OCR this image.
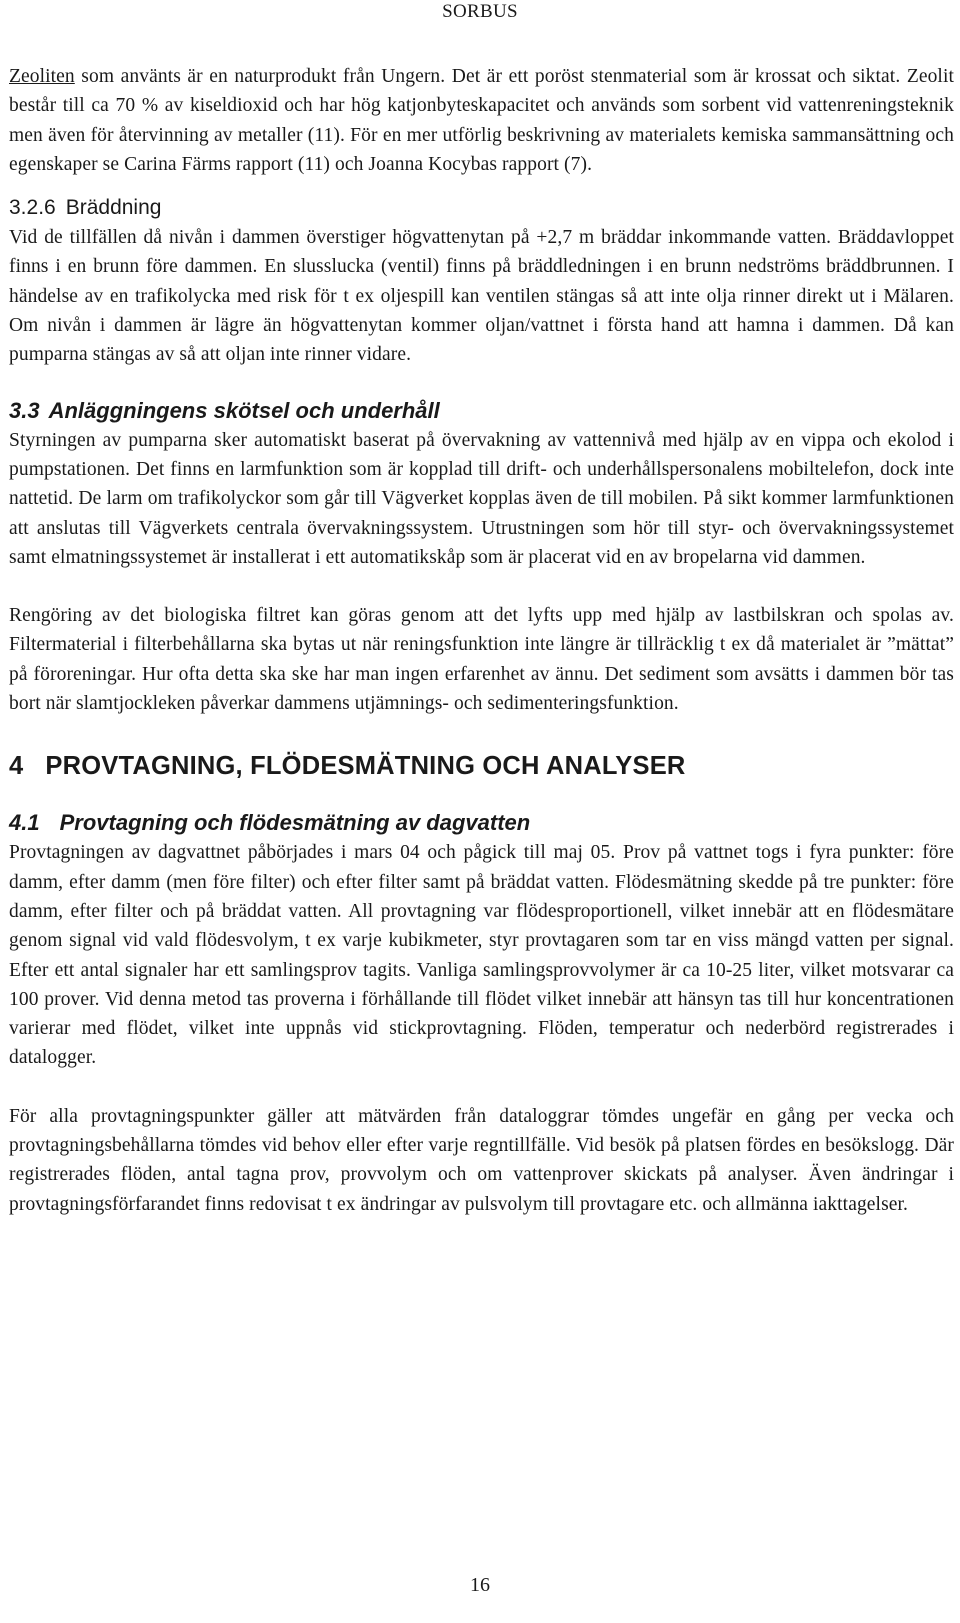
SORBUS

Zeoliten som använts är en naturprodukt från Ungern. Det är ett poröst stenmaterial som är krossat och siktat. Zeolit består till ca 70 % av kiseldioxid och har hög katjonbyteskapacitet och används som sorbent vid vattenreningsteknik men även för återvinning av metaller (11). För en mer utförlig beskrivning av materialets kemiska sammansättning och egenskaper se Carina Färms rapport (11) och Joanna Kocybas rapport (7).

3.2.6 Bräddning

Vid de tillfällen då nivån i dammen överstiger högvattenytan på +2,7 m bräddar inkommande vatten. Bräddavloppet finns i en brunn före dammen. En slusslucka (ventil) finns på bräddledningen i en brunn nedströms bräddbrunnen. I händelse av en trafikolycka med risk för t ex oljespill kan ventilen stängas så att inte olja rinner direkt ut i Mälaren. Om nivån i dammen är lägre än högvattenytan kommer oljan/vattnet i första hand att hamna i dammen. Då kan pumparna stängas av så att oljan inte rinner vidare.

3.3 Anläggningens skötsel och underhåll

Styrningen av pumparna sker automatiskt baserat på övervakning av vattennivå med hjälp av en vippa och ekolod i pumpstationen. Det finns en larmfunktion som är kopplad till drift- och underhållspersonalens mobiltelefon, dock inte nattetid. De larm om trafikolyckor som går till Vägverket kopplas även de till mobilen. På sikt kommer larmfunktionen att anslutas till Vägverkets centrala övervakningssystem. Utrustningen som hör till styr- och övervakningssystemet samt elmatningssystemet är installerat i ett automatikskåp som är placerat vid en av bropelarna vid dammen.

Rengöring av det biologiska filtret kan göras genom att det lyfts upp med hjälp av lastbilskran och spolas av. Filtermaterial i filterbehållarna ska bytas ut när reningsfunktion inte längre är tillräcklig t ex då materialet är ”mättat” på föroreningar. Hur ofta detta ska ske har man ingen erfarenhet av ännu. Det sediment som avsätts i dammen bör tas bort när slamtjockleken påverkar dammens utjämnings- och sedimenteringsfunktion.

4 PROVTAGNING, FLÖDESMÄTNING OCH ANALYSER
4.1 Provtagning och flödesmätning av dagvatten

Provtagningen av dagvattnet påbörjades i mars 04 och pågick till maj 05. Prov på vattnet togs i fyra punkter: före damm, efter damm (men före filter) och efter filter samt på bräddat vatten. Flödesmätning skedde på tre punkter: före damm, efter filter och på bräddat vatten. All provtagning var flödesproportionell, vilket innebär att en flödesmätare genom signal vid vald flödesvolym, t ex varje kubikmeter, styr provtagaren som tar en viss mängd vatten per signal. Efter ett antal signaler har ett samlingsprov tagits. Vanliga samlingsprovvolymer är ca 10-25 liter, vilket motsvarar ca 100 prover. Vid denna metod tas proverna i förhållande till flödet vilket innebär att hänsyn tas till hur koncentrationen varierar med flödet, vilket inte uppnås vid stickprovtagning. Flöden, temperatur och nederbörd registrerades i datalogger.

För alla provtagningspunkter gäller att mätvärden från dataloggrar tömdes ungefär en gång per vecka och provtagningsbehållarna tömdes vid behov eller efter varje regntillfälle. Vid besök på platsen fördes en besökslogg. Där registrerades flöden, antal tagna prov, provvolym och om vattenprover skickats på analyser. Även ändringar i provtagningsförfarandet finns redovisat t ex ändringar av pulsvolym till provtagare etc. och allmänna iakttagelser.

16
